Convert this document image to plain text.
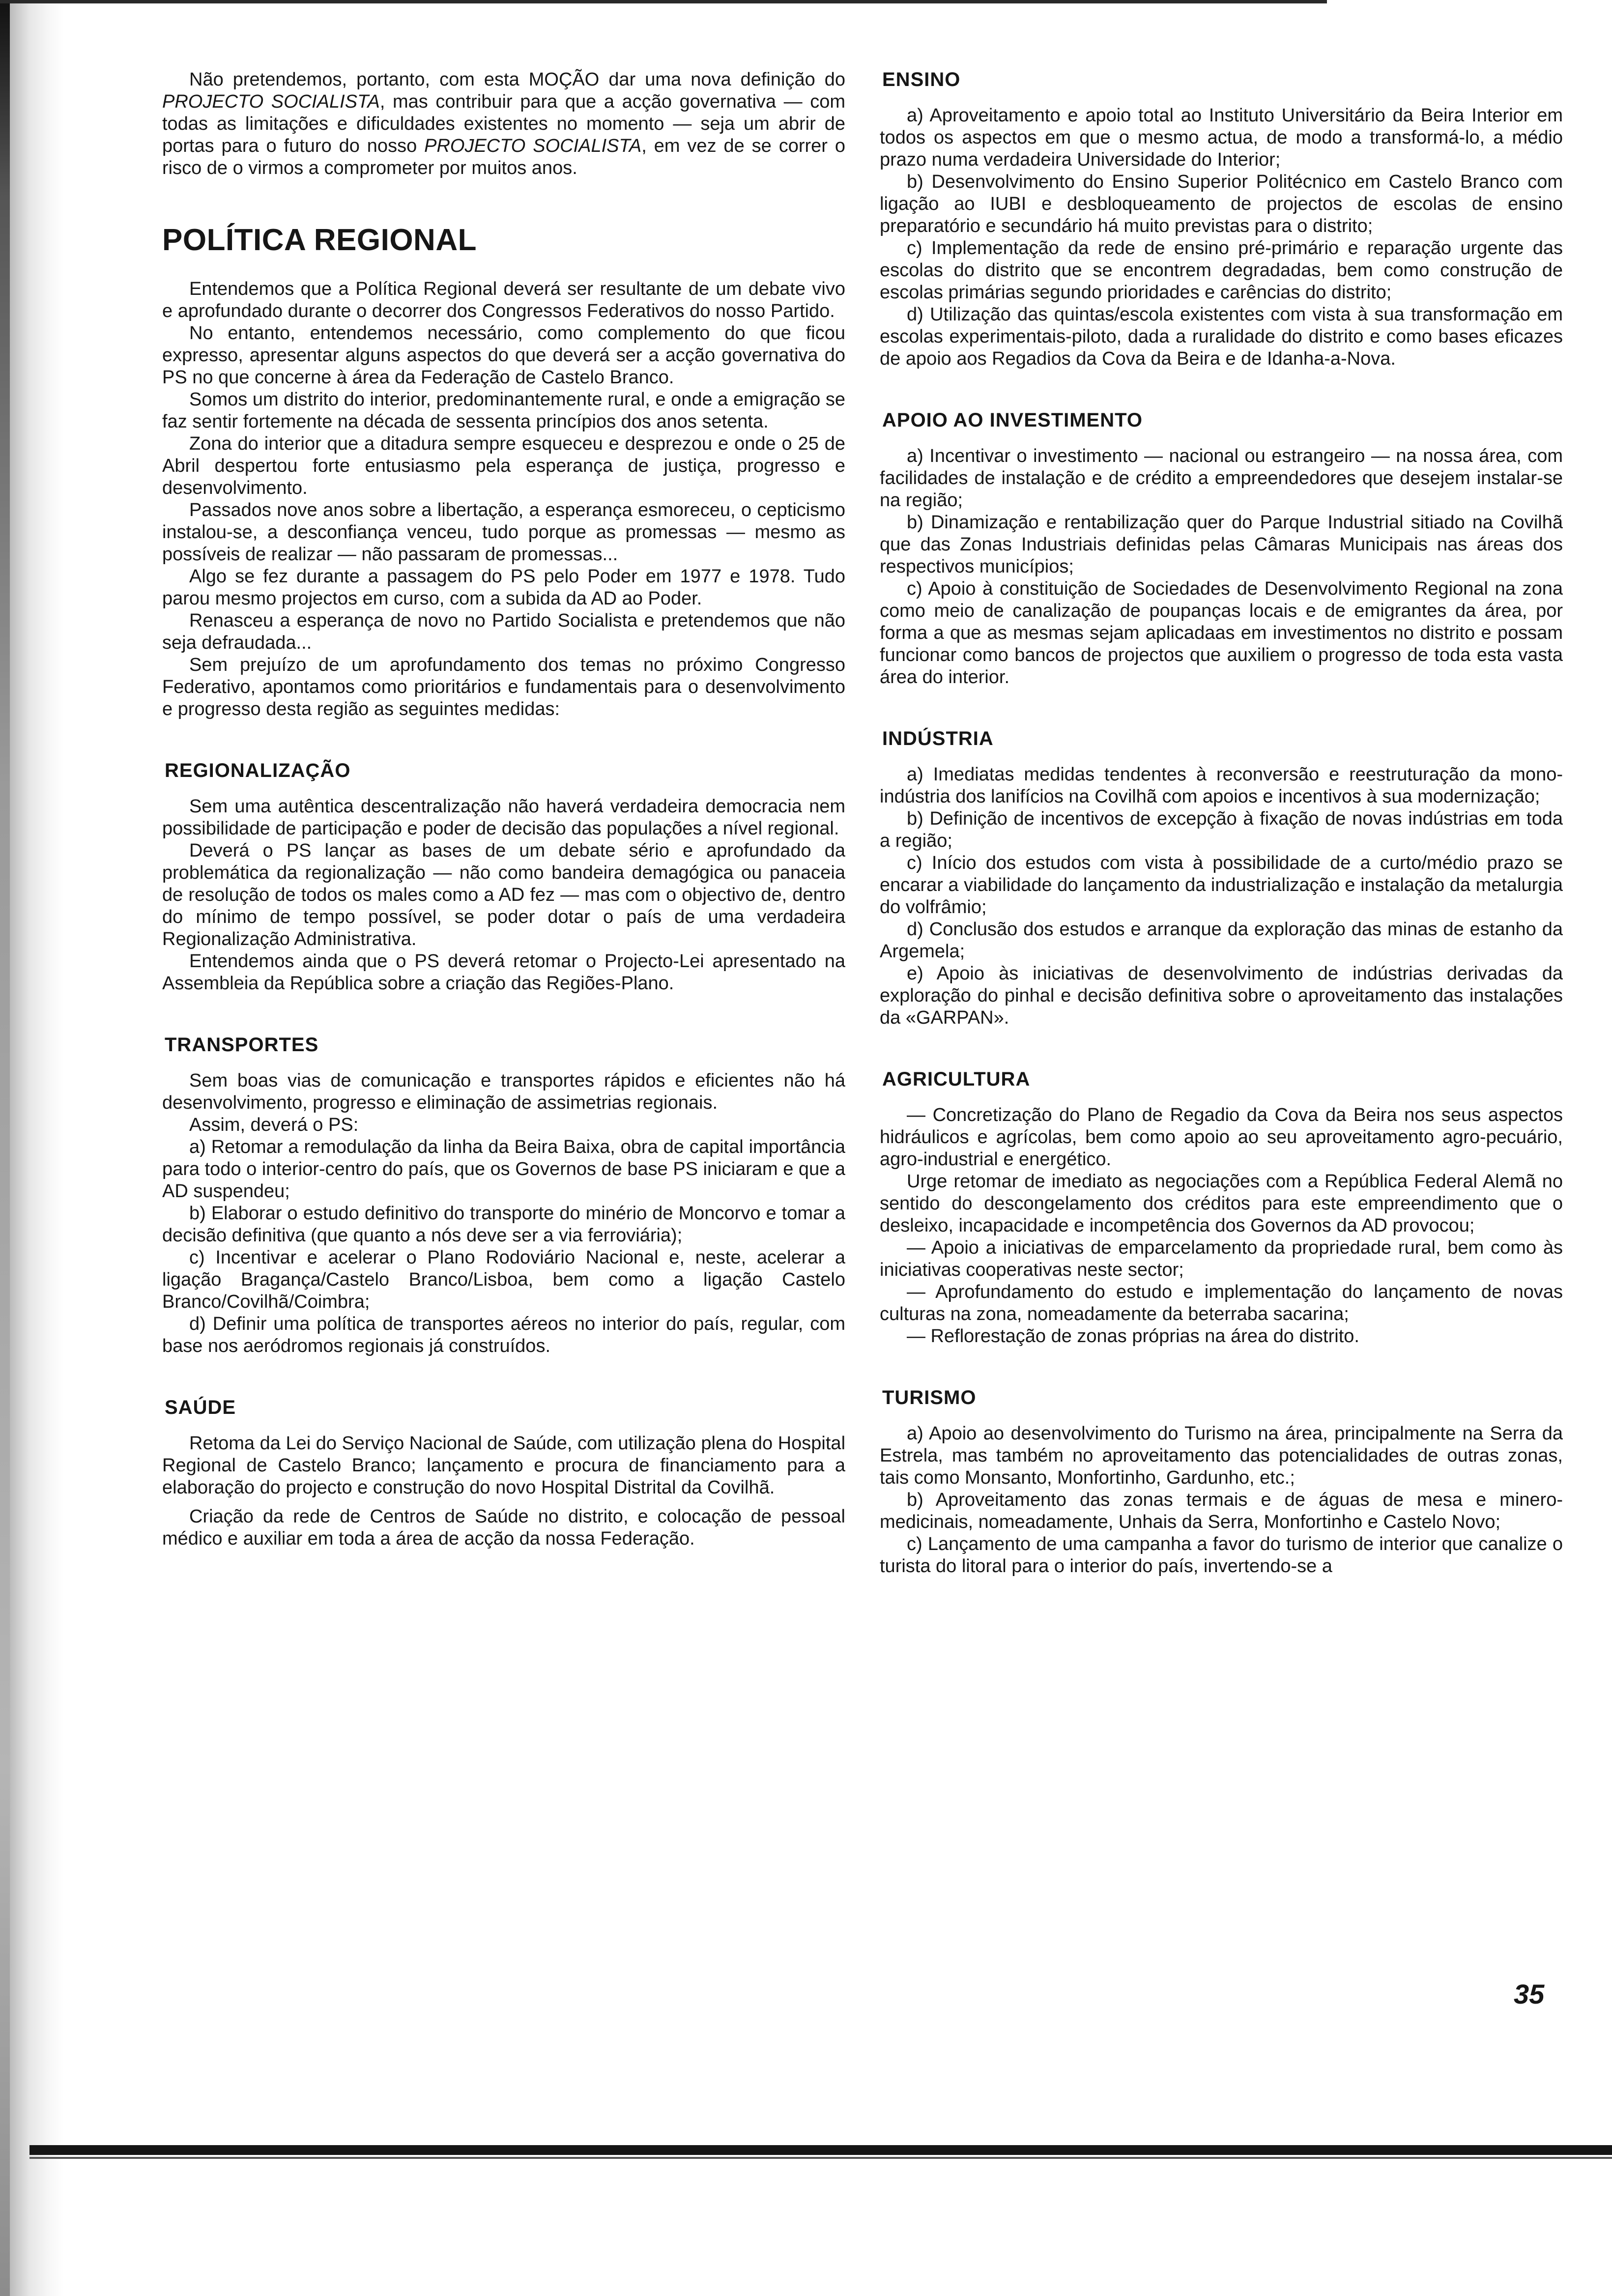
Não pretendemos, portanto, com esta MOÇÃO dar uma nova definição do PROJECTO SOCIALISTA, mas contribuir para que a acção governativa — com todas as limitações e dificuldades existentes no momento — seja um abrir de portas para o futuro do nosso PROJECTO SOCIALISTA, em vez de se correr o risco de o virmos a comprometer por muitos anos.

POLÍTICA REGIONAL

Entendemos que a Política Regional deverá ser resultante de um debate vivo e aprofundado durante o decorrer dos Congressos Federativos do nosso Partido.

No entanto, entendemos necessário, como complemento do que ficou expresso, apresentar alguns aspectos do que deverá ser a acção governativa do PS no que concerne à área da Federação de Castelo Branco.

Somos um distrito do interior, predominantemente rural, e onde a emigração se faz sentir fortemente na década de sessenta princípios dos anos setenta.

Zona do interior que a ditadura sempre esqueceu e desprezou e onde o 25 de Abril despertou forte entusiasmo pela esperança de justiça, progresso e desenvolvimento.

Passados nove anos sobre a libertação, a esperança esmoreceu, o cepticismo instalou-se, a desconfiança venceu, tudo porque as promessas — mesmo as possíveis de realizar — não passaram de promessas...

Algo se fez durante a passagem do PS pelo Poder em 1977 e 1978. Tudo parou mesmo projectos em curso, com a subida da AD ao Poder.

Renasceu a esperança de novo no Partido Socialista e pretendemos que não seja defraudada...

Sem prejuízo de um aprofundamento dos temas no próximo Congresso Federativo, apontamos como prioritários e fundamentais para o desenvolvimento e progresso desta região as seguintes medidas:

REGIONALIZAÇÃO

Sem uma autêntica descentralização não haverá verdadeira democracia nem possibilidade de participação e poder de decisão das populações a nível regional.

Deverá o PS lançar as bases de um debate sério e aprofundado da problemática da regionalização — não como bandeira demagógica ou panaceia de resolução de todos os males como a AD fez — mas com o objectivo de, dentro do mínimo de tempo possível, se poder dotar o país de uma verdadeira Regionalização Administrativa.

Entendemos ainda que o PS deverá retomar o Projecto-Lei apresentado na Assembleia da República sobre a criação das Regiões-Plano.

TRANSPORTES

Sem boas vias de comunicação e transportes rápidos e eficientes não há desenvolvimento, progresso e eliminação de assimetrias regionais.

Assim, deverá o PS:

a) Retomar a remodulação da linha da Beira Baixa, obra de capital importância para todo o interior-centro do país, que os Governos de base PS iniciaram e que a AD suspendeu;

b) Elaborar o estudo definitivo do transporte do minério de Moncorvo e tomar a decisão definitiva (que quanto a nós deve ser a via ferroviária);

c) Incentivar e acelerar o Plano Rodoviário Nacional e, neste, acelerar a ligação Bragança/Castelo Branco/Lisboa, bem como a ligação Castelo Branco/Covilhã/Coimbra;

d) Definir uma política de transportes aéreos no interior do país, regular, com base nos aeródromos regionais já construídos.

SAÚDE

Retoma da Lei do Serviço Nacional de Saúde, com utilização plena do Hospital Regional de Castelo Branco; lançamento e procura de financiamento para a elaboração do projecto e construção do novo Hospital Distrital da Covilhã.

Criação da rede de Centros de Saúde no distrito, e colocação de pessoal médico e auxiliar em toda a área de acção da nossa Federação.

ENSINO

a) Aproveitamento e apoio total ao Instituto Universitário da Beira Interior em todos os aspectos em que o mesmo actua, de modo a transformá-lo, a médio prazo numa verdadeira Universidade do Interior;

b) Desenvolvimento do Ensino Superior Politécnico em Castelo Branco com ligação ao IUBI e desbloqueamento de projectos de escolas de ensino preparatório e secundário há muito previstas para o distrito;

c) Implementação da rede de ensino pré-primário e reparação urgente das escolas do distrito que se encontrem degradadas, bem como construção de escolas primárias segundo prioridades e carências do distrito;

d) Utilização das quintas/escola existentes com vista à sua transformação em escolas experimentais-piloto, dada a ruralidade do distrito e como bases eficazes de apoio aos Regadios da Cova da Beira e de Idanha-a-Nova.

APOIO AO INVESTIMENTO

a) Incentivar o investimento — nacional ou estrangeiro — na nossa área, com facilidades de instalação e de crédito a empreendedores que desejem instalar-se na região;

b) Dinamização e rentabilização quer do Parque Industrial sitiado na Covilhã que das Zonas Industriais definidas pelas Câmaras Municipais nas áreas dos respectivos municípios;

c) Apoio à constituição de Sociedades de Desenvolvimento Regional na zona como meio de canalização de poupanças locais e de emigrantes da área, por forma a que as mesmas sejam aplicadaas em investimentos no distrito e possam funcionar como bancos de projectos que auxiliem o progresso de toda esta vasta área do interior.

INDÚSTRIA

a) Imediatas medidas tendentes à reconversão e reestruturação da mono-indústria dos lanifícios na Covilhã com apoios e incentivos à sua modernização;

b) Definição de incentivos de excepção à fixação de novas indústrias em toda a região;

c) Início dos estudos com vista à possibilidade de a curto/médio prazo se encarar a viabilidade do lançamento da industrialização e instalação da metalurgia do volfrâmio;

d) Conclusão dos estudos e arranque da exploração das minas de estanho da Argemela;

e) Apoio às iniciativas de desenvolvimento de indústrias derivadas da exploração do pinhal e decisão definitiva sobre o aproveitamento das instalações da «GARPAN».

AGRICULTURA

— Concretização do Plano de Regadio da Cova da Beira nos seus aspectos hidráulicos e agrícolas, bem como apoio ao seu aproveitamento agro-pecuário, agro-industrial e energético.

Urge retomar de imediato as negociações com a República Federal Alemã no sentido do descongelamento dos créditos para este empreendimento que o desleixo, incapacidade e incompetência dos Governos da AD provocou;

— Apoio a iniciativas de emparcelamento da propriedade rural, bem como às iniciativas cooperativas neste sector;

— Aprofundamento do estudo e implementação do lançamento de novas culturas na zona, nomeadamente da beterraba sacarina;

— Reflorestação de zonas próprias na área do distrito.

TURISMO

a) Apoio ao desenvolvimento do Turismo na área, principalmente na Serra da Estrela, mas também no aproveitamento das potencialidades de outras zonas, tais como Monsanto, Monfortinho, Gardunho, etc.;

b) Aproveitamento das zonas termais e de águas de mesa e minero-medicinais, nomeadamente, Unhais da Serra, Monfortinho e Castelo Novo;

c) Lançamento de uma campanha a favor do turismo de interior que canalize o turista do litoral para o interior do país, invertendo-se a

35
